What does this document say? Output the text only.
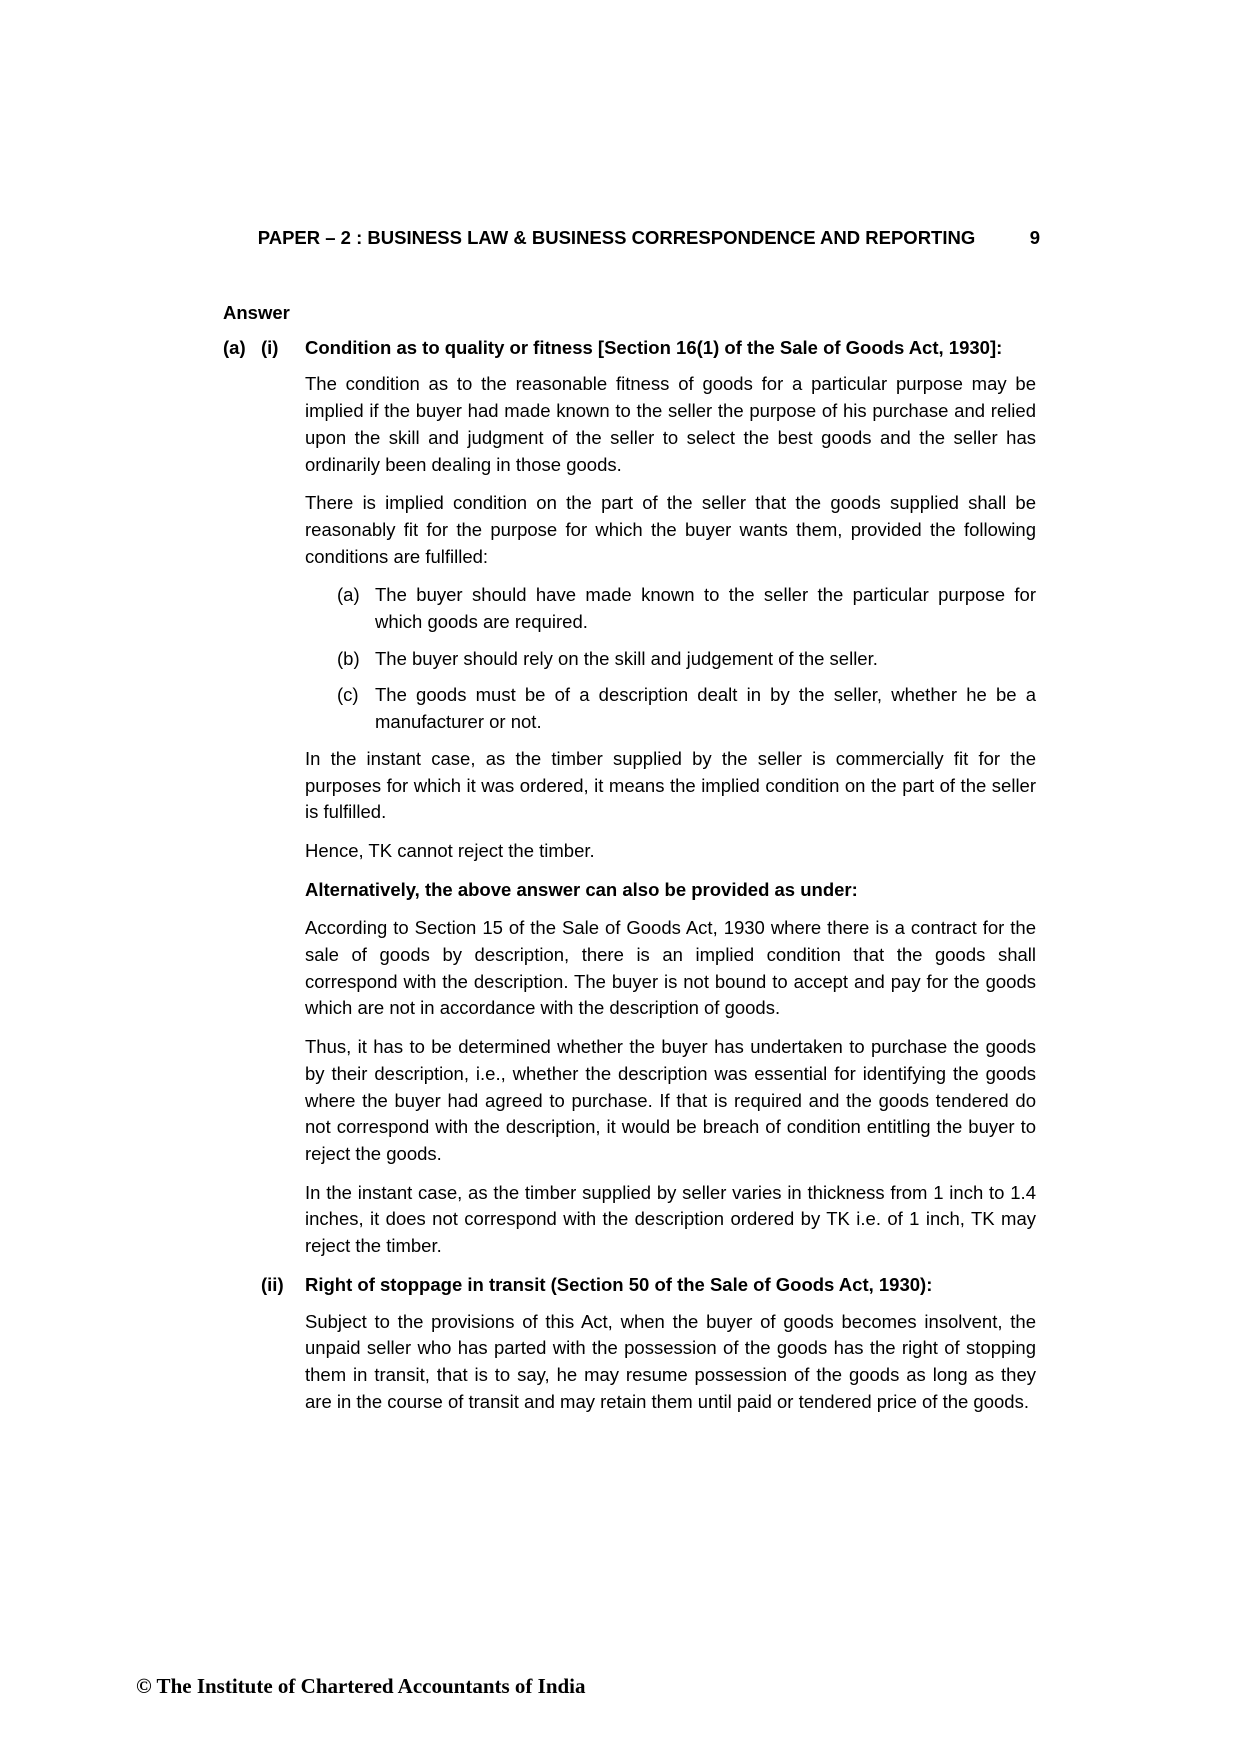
PAPER – 2 : BUSINESS LAW & BUSINESS CORRESPONDENCE AND REPORTING	9
Answer
(a) (i)	Condition as to quality or fitness [Section 16(1) of the Sale of Goods Act, 1930]:

The condition as to the reasonable fitness of goods for a particular purpose may be implied if the buyer had made known to the seller the purpose of his purchase and relied upon the skill and judgment of the seller to select the best goods and the seller has ordinarily been dealing in those goods.

There is implied condition on the part of the seller that the goods supplied shall be reasonably fit for the purpose for which the buyer wants them, provided the following conditions are fulfilled:

(a) The buyer should have made known to the seller the particular purpose for which goods are required.
(b) The buyer should rely on the skill and judgement of the seller.
(c) The goods must be of a description dealt in by the seller, whether he be a manufacturer or not.

In the instant case, as the timber supplied by the seller is commercially fit for the purposes for which it was ordered, it means the implied condition on the part of the seller is fulfilled.

Hence, TK cannot reject the timber.

Alternatively, the above answer can also be provided as under:

According to Section 15 of the Sale of Goods Act, 1930 where there is a contract for the sale of goods by description, there is an implied condition that the goods shall correspond with the description. The buyer is not bound to accept and pay for the goods which are not in accordance with the description of goods.

Thus, it has to be determined whether the buyer has undertaken to purchase the goods by their description, i.e., whether the description was essential for identifying the goods where the buyer had agreed to purchase. If that is required and the goods tendered do not correspond with the description, it would be breach of condition entitling the buyer to reject the goods.

In the instant case, as the timber supplied by seller varies in thickness from 1 inch to 1.4 inches, it does not correspond with the description ordered by TK i.e. of 1 inch, TK may reject the timber.

(ii)	Right of stoppage in transit (Section 50 of the Sale of Goods Act, 1930):

Subject to the provisions of this Act, when the buyer of goods becomes insolvent, the unpaid seller who has parted with the possession of the goods has the right of stopping them in transit, that is to say, he may resume possession of the goods as long as they are in the course of transit and may retain them until paid or tendered price of the goods.

© The Institute of Chartered Accountants of India
